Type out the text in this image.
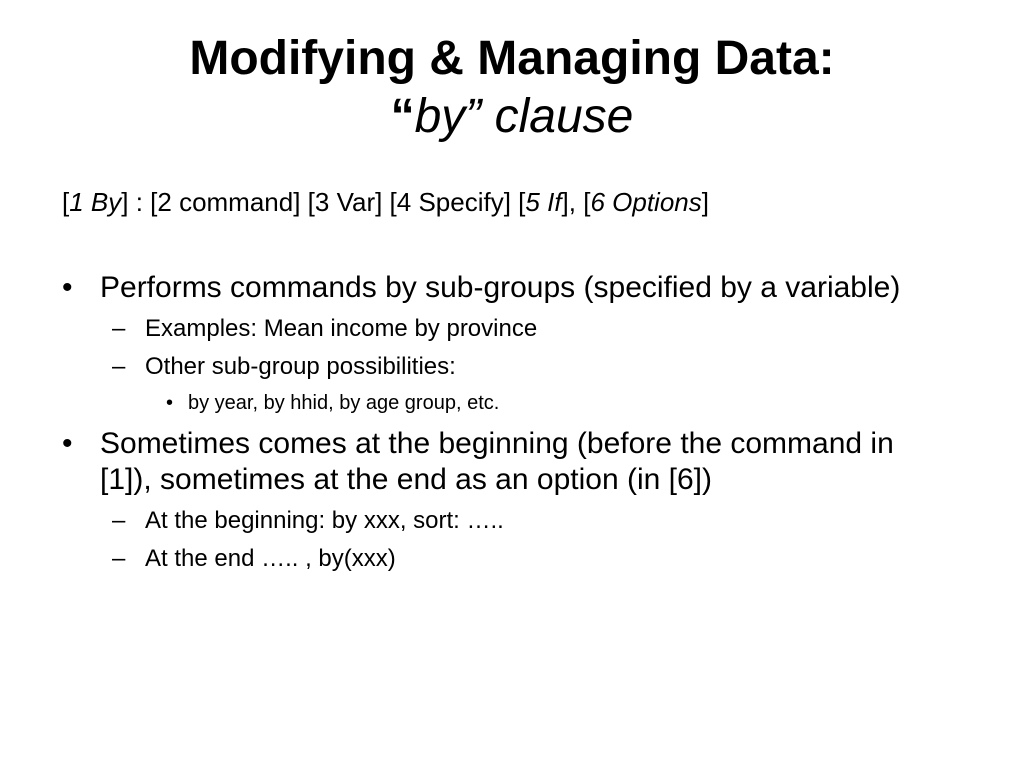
Modifying & Managing Data:
“by” clause
[1 By] : [2 command] [3 Var] [4 Specify] [5 If], [6 Options]
• Performs commands by sub-groups (specified by a variable)
– Examples: Mean income by province
– Other sub-group possibilities:
• by year, by hhid, by age group, etc.
• Sometimes comes at the beginning (before the command in [1]), sometimes at the end as an option (in [6])
– At the beginning: by xxx, sort: …..
– At the end ….. , by(xxx)
